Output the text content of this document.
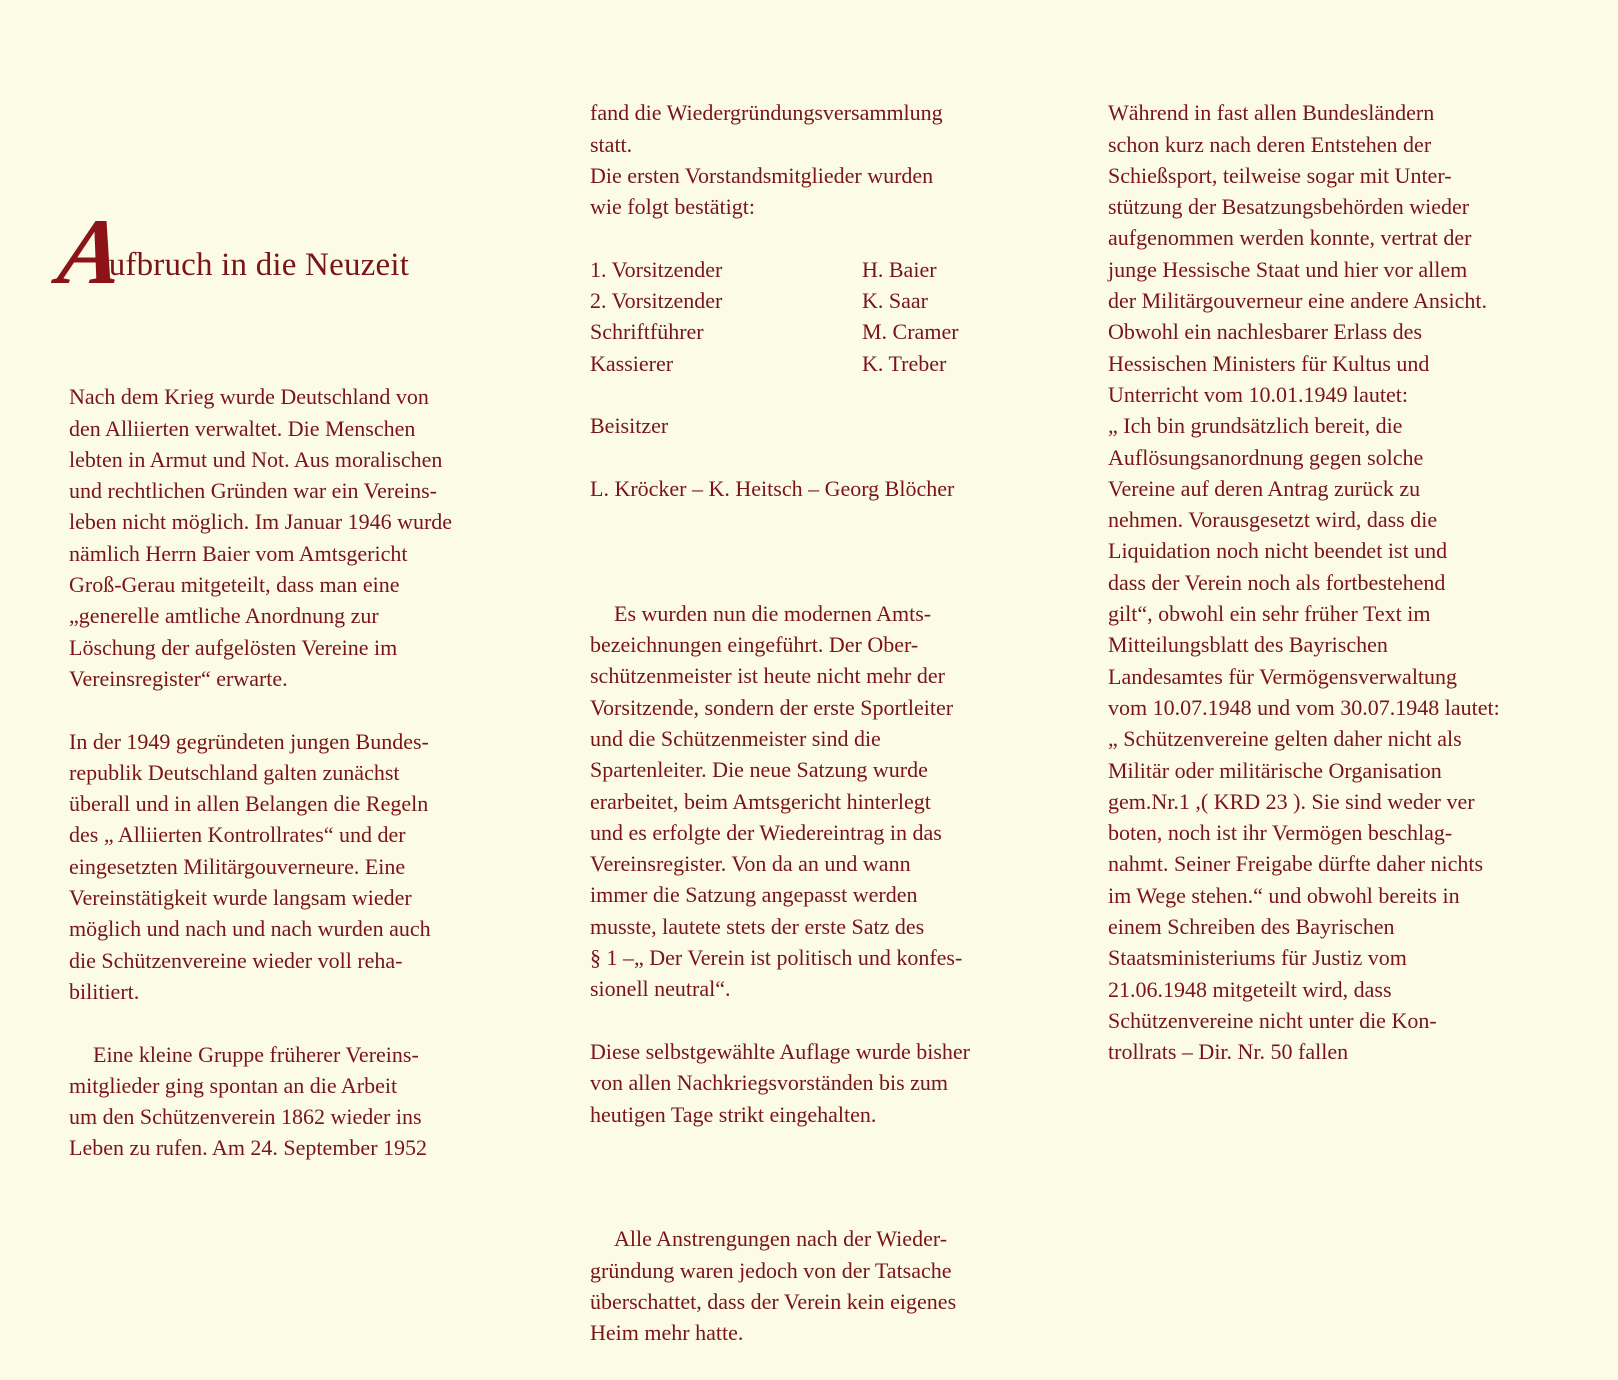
Aufbruch in die Neuzeit

Nach dem Krieg wurde Deutschland von
den Alliierten verwaltet. Die Menschen
lebten in Armut und Not. Aus moralischen
und rechtlichen Gründen war ein Vereins-
leben nicht möglich. Im Januar 1946 wurde
nämlich Herrn Baier vom Amtsgericht
Groß-Gerau mitgeteilt, dass man eine
„generelle amtliche Anordnung zur
Löschung der aufgelösten Vereine im
Vereinsregister“ erwarte.

In der 1949 gegründeten jungen Bundes-
republik Deutschland galten zunächst
überall und in allen Belangen die Regeln
des „ Alliierten Kontrollrates“ und der
eingesetzten Militärgouverneure. Eine
Vereinstätigkeit wurde langsam wieder
möglich und nach und nach wurden auch
die Schützenvereine wieder voll reha-
bilitiert.

Eine kleine Gruppe früherer Vereins-
mitglieder ging spontan an die Arbeit
um den Schützenverein 1862 wieder ins
Leben zu rufen. Am 24. September 1952

fand die Wiedergründungsversammlung
statt.
Die ersten Vorstandsmitglieder wurden
wie folgt bestätigt:

1. Vorsitzender	H. Baier
2. Vorsitzender	K. Saar
Schriftführer	M. Cramer
Kassierer	K. Treber

Beisitzer

L. Kröcker – K. Heitsch – Georg Blöcher

Es wurden nun die modernen Amts-
bezeichnungen eingeführt. Der Ober-
schützenmeister ist heute nicht mehr der
Vorsitzende, sondern der erste Sportleiter
und die Schützenmeister sind die
Spartenleiter. Die neue Satzung wurde
erarbeitet, beim Amtsgericht hinterlegt
und es erfolgte der Wiedereintrag in das
Vereinsregister. Von da an und wann
immer die Satzung angepasst werden
musste, lautete stets der erste Satz des
§ 1 –„ Der Verein ist politisch und konfes-
sionell neutral“.

Diese selbstgewählte Auflage wurde bisher
von allen Nachkriegsvorständen bis zum
heutigen Tage strikt eingehalten.

Alle Anstrengungen nach der Wieder-
gründung waren jedoch von der Tatsache
überschattet, dass der Verein kein eigenes
Heim mehr hatte.

Während in fast allen Bundesländern
schon kurz nach deren Entstehen der
Schießsport, teilweise sogar mit Unter-
stützung der Besatzungsbehörden wieder
aufgenommen werden konnte, vertrat der
junge Hessische Staat und hier vor allem
der Militärgouverneur eine andere Ansicht.
Obwohl ein nachlesbarer Erlass des
Hessischen Ministers für Kultus und
Unterricht vom 10.01.1949 lautet:
„ Ich bin grundsätzlich bereit, die
Auflösungsanordnung gegen solche
Vereine auf deren Antrag zurück zu
nehmen. Vorausgesetzt wird, dass die
Liquidation noch nicht beendet ist und
dass der Verein noch als fortbestehend
gilt“, obwohl ein sehr früher Text im
Mitteilungsblatt des Bayrischen
Landesamtes für Vermögensverwaltung
vom 10.07.1948 und vom 30.07.1948 lautet:
„ Schützenvereine gelten daher nicht als
Militär oder militärische Organisation
gem.Nr.1 ,( KRD 23 ). Sie sind weder ver
boten, noch ist ihr Vermögen beschlag-
nahmt. Seiner Freigabe dürfte daher nichts
im Wege stehen.“ und obwohl bereits in
einem Schreiben des Bayrischen
Staatsministeriums für Justiz vom
21.06.1948 mitgeteilt wird, dass
Schützenvereine nicht unter die Kon-
trollrats – Dir. Nr. 50 fallen
